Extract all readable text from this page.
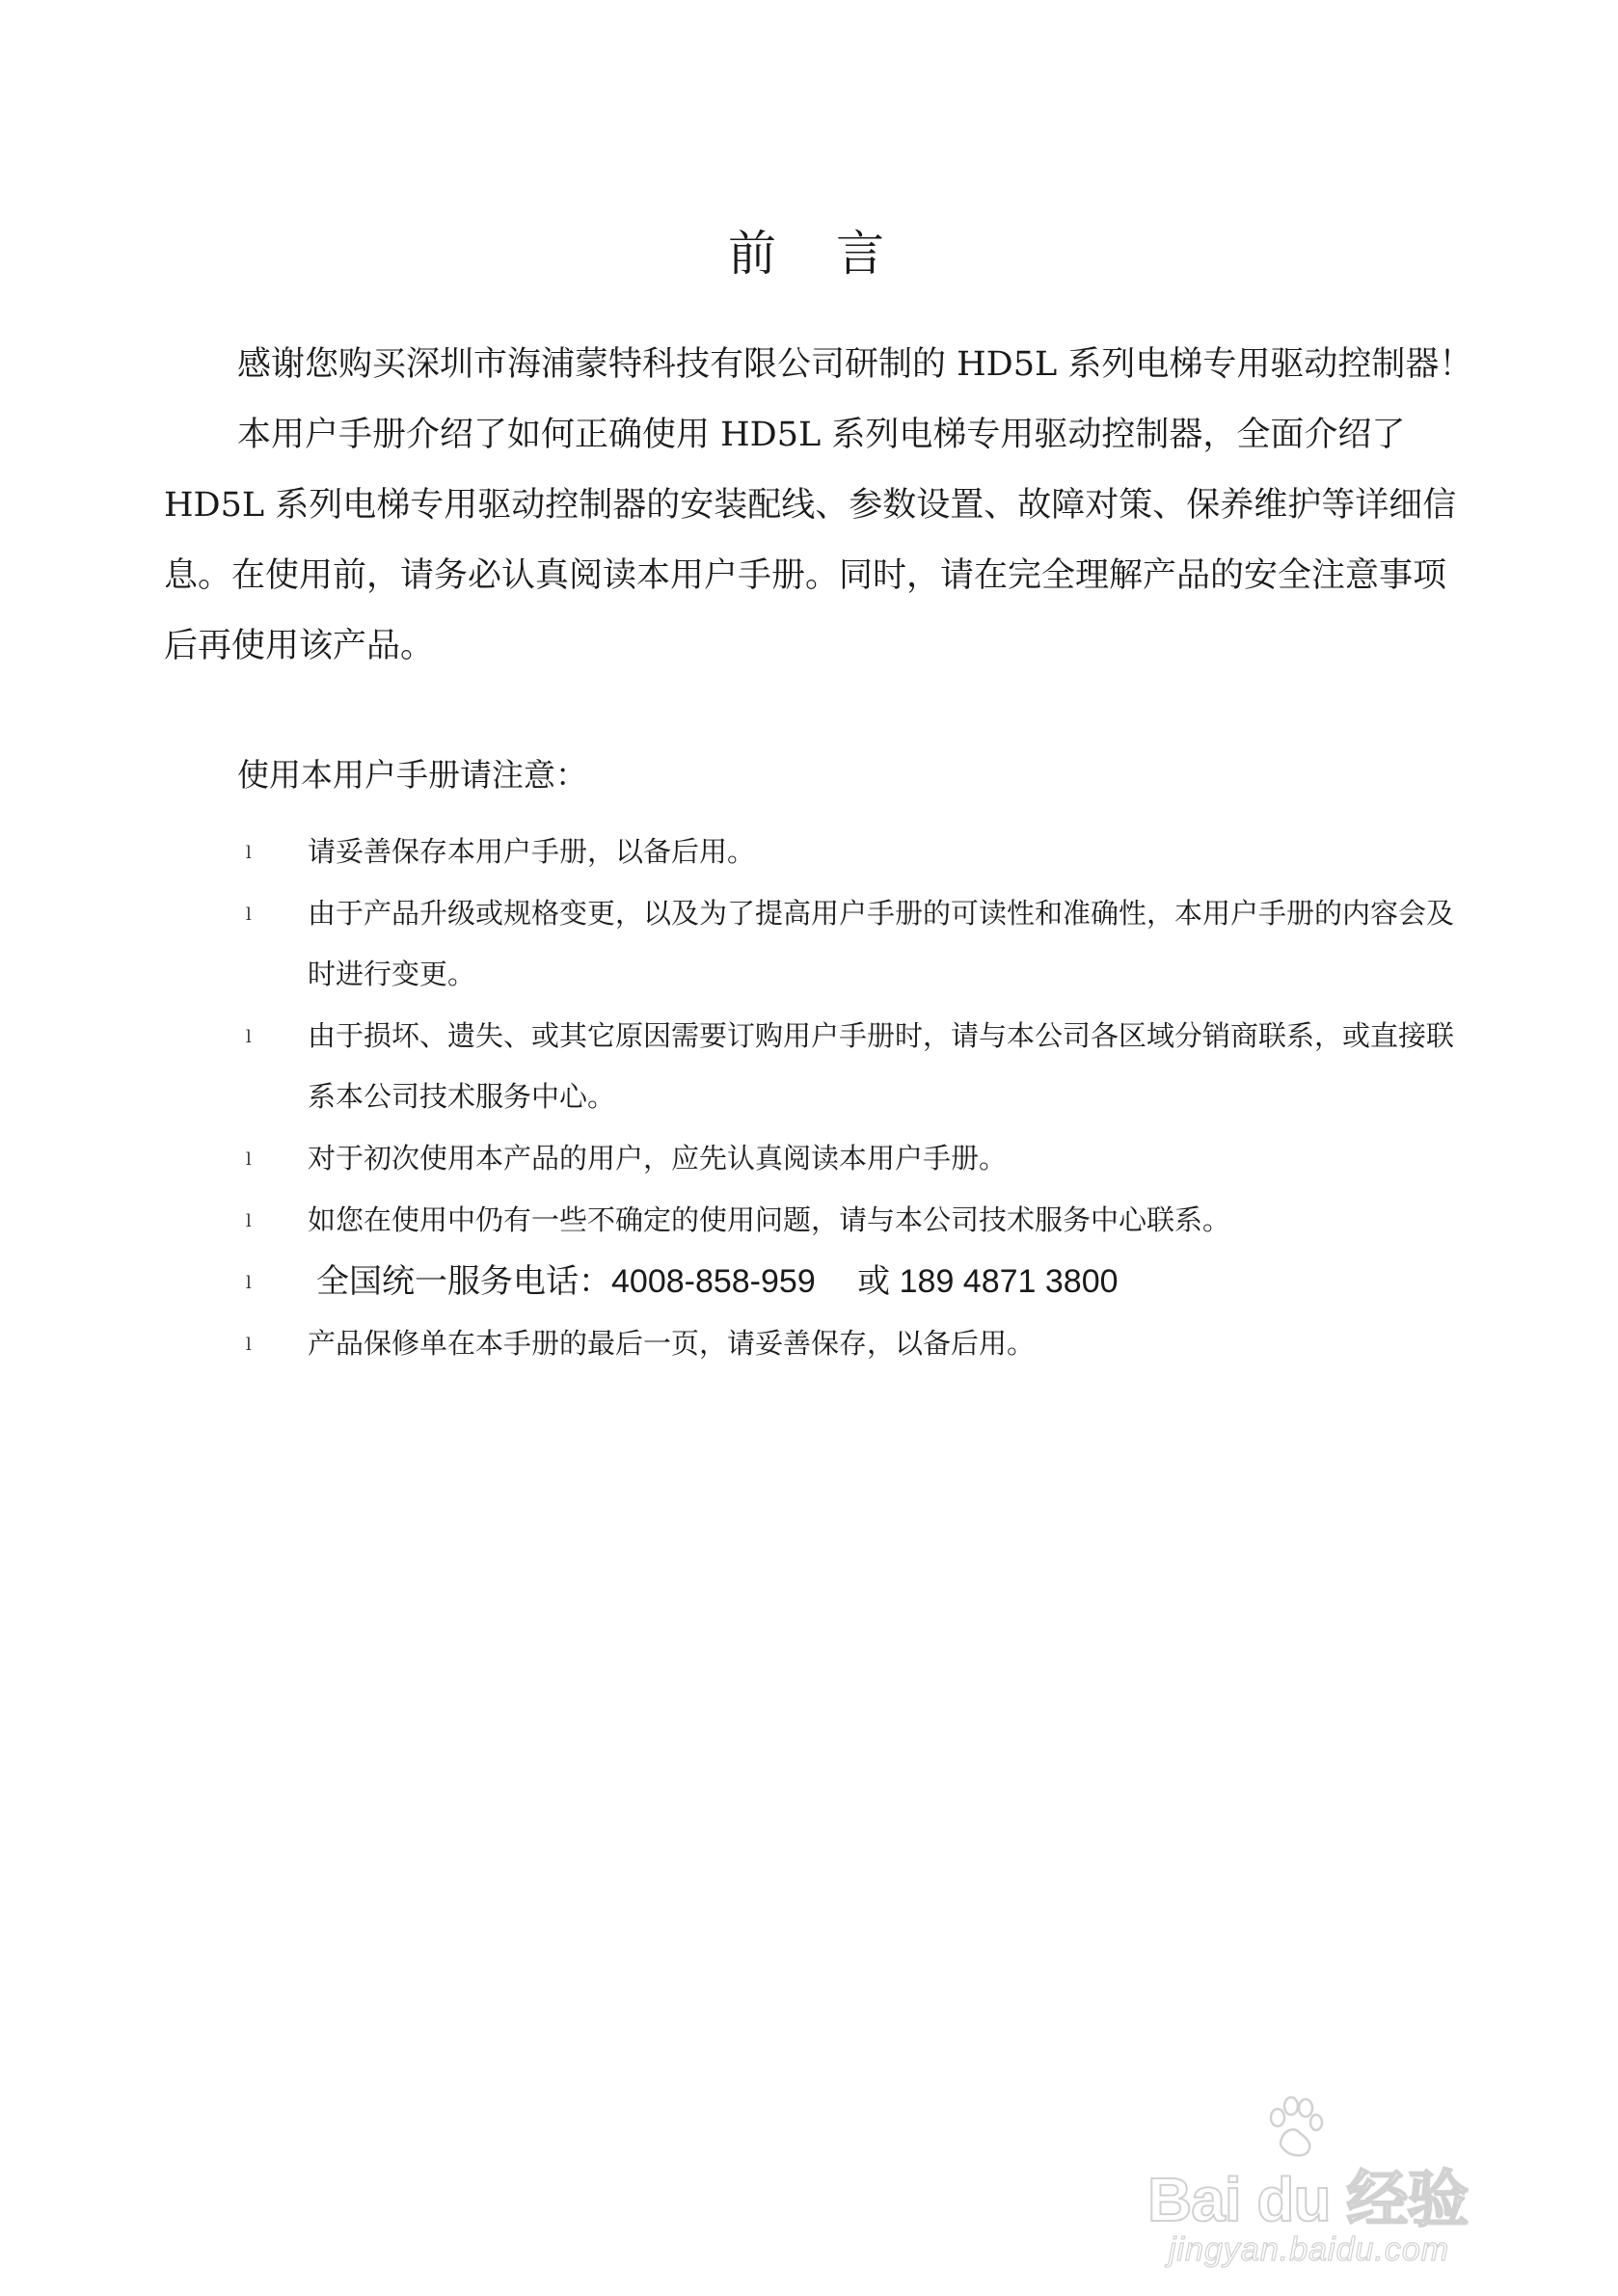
前　言

感谢您购买深圳市海浦蒙特科技有限公司研制的 HD5L 系列电梯专用驱动控制器！

本用户手册介绍了如何正确使用 HD5L 系列电梯专用驱动控制器，全面介绍了HD5L 系列电梯专用驱动控制器的安装配线、参数设置、故障对策、保养维护等详细信息。在使用前，请务必认真阅读本用户手册。同时，请在完全理解产品的安全注意事项后再使用该产品。

使用本用户手册请注意：
l 请妥善保存本用户手册，以备后用。
l 由于产品升级或规格变更，以及为了提高用户手册的可读性和准确性，本用户手册的内容会及时进行变更。
l 由于损坏、遗失、或其它原因需要订购用户手册时，请与本公司各区域分销商联系，或直接联系本公司技术服务中心。
l 对于初次使用本产品的用户，应先认真阅读本用户手册。
l 如您在使用中仍有一些不确定的使用问题，请与本公司技术服务中心联系。
l 全国统一服务电话：4008-858-959　 或 189 4871 3800
l 产品保修单在本手册的最后一页，请妥善保存，以备后用。
Bai du 经验
jingyan.baidu.com
